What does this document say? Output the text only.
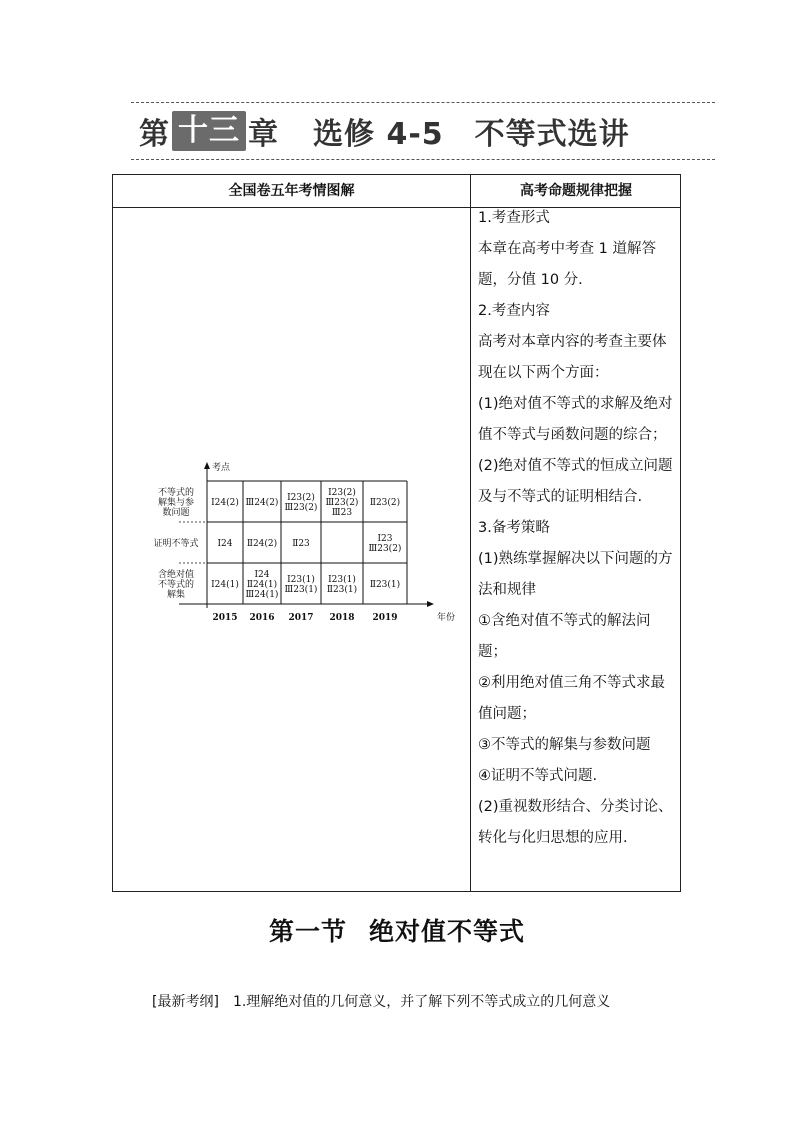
第 十三 章 选修 4-5　不等式选讲
全国卷五年考情图解	高考命题规律把握
考点
年份
不等式的
解集与参
数问题
Ⅰ24(2) Ⅲ24(2) Ⅰ23(2)
Ⅲ23(2)
Ⅰ23(2)
Ⅲ23(2)
Ⅲ23
Ⅱ23(2)
证明不等式 Ⅰ24 Ⅱ24(2) Ⅱ23	Ⅰ23
Ⅲ23(2)
含绝对值
不等式的
解集
Ⅰ24(1)
Ⅰ24
Ⅱ24(1)
Ⅲ24(1)
Ⅰ23(1)
Ⅲ23(1)
Ⅰ23(1)
Ⅱ23(1) Ⅱ23(1)
2015 2016 2017 2018 2019
1.考查形式
本章在高考中考查 1 道解答题，分值 10 分.
2.考查内容
高考对本章内容的考查主要体现在以下两个方面：
(1)绝对值不等式的求解及绝对值不等式与函数问题的综合；
(2)绝对值不等式的恒成立问题及与不等式的证明相结合.
3.备考策略
(1)熟练掌握解决以下问题的方法和规律
①含绝对值不等式的解法问题；
②利用绝对值三角不等式求最值问题；
③不等式的解集与参数问题
④证明不等式问题.
(2)重视数形结合、分类讨论、转化与化归思想的应用.
第一节 绝对值不等式
[最新考纲] 1.理解绝对值的几何意义，并了解下列不等式成立的几何意义
